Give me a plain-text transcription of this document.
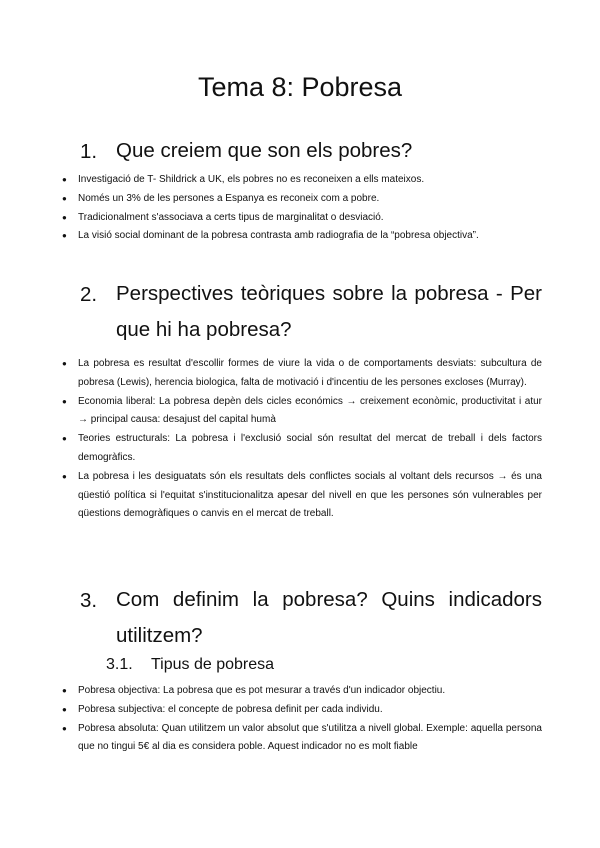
Tema 8: Pobresa
1. Que creiem que son els pobres?
● Investigació de T- Shildrick a UK, els pobres no es reconeixen a ells mateixos.
● Només un 3% de les persones a Espanya es reconeix com a pobre.
● Tradicionalment s'associava a certs tipus de marginalitat o desviació.
● La visió social dominant de la pobresa contrasta amb radiografia de la “pobresa objectiva”.
2. Perspectives teòriques sobre la pobresa - Per que hi ha pobresa?
● La pobresa es resultat d'escollir formes de viure la vida o de comportaments desviats: subcultura de pobresa (Lewis), herencia biologica, falta de motivació i d'incentiu de les persones excloses (Murray).
● Economia liberal: La pobresa depèn dels cicles económics → creixement econòmic, productivitat i atur → principal causa: desajust del capital humà
● Teories estructurals: La pobresa i l'exclusió social són resultat del mercat de treball i dels factors demogràfics.
● La pobresa i les desiguatats són els resultats dels conflictes socials al voltant dels recursos → és una qüestió política si l'equitat s'institucionalitza apesar del nivell en que les persones són vulnerables per qüestions demogràfiques o canvis en el mercat de treball.
3. Com definim la pobresa? Quins indicadors utilitzem?
3.1. Tipus de pobresa
● Pobresa objectiva: La pobresa que es pot mesurar a través d'un indicador objectiu.
● Pobresa subjectiva: el concepte de pobresa definit per cada individu.
● Pobresa absoluta: Quan utilitzem un valor absolut que s'utilitza a nivell global. Exemple: aquella persona que no tingui 5€ al dia es considera poble. Aquest indicador no es molt fiable
